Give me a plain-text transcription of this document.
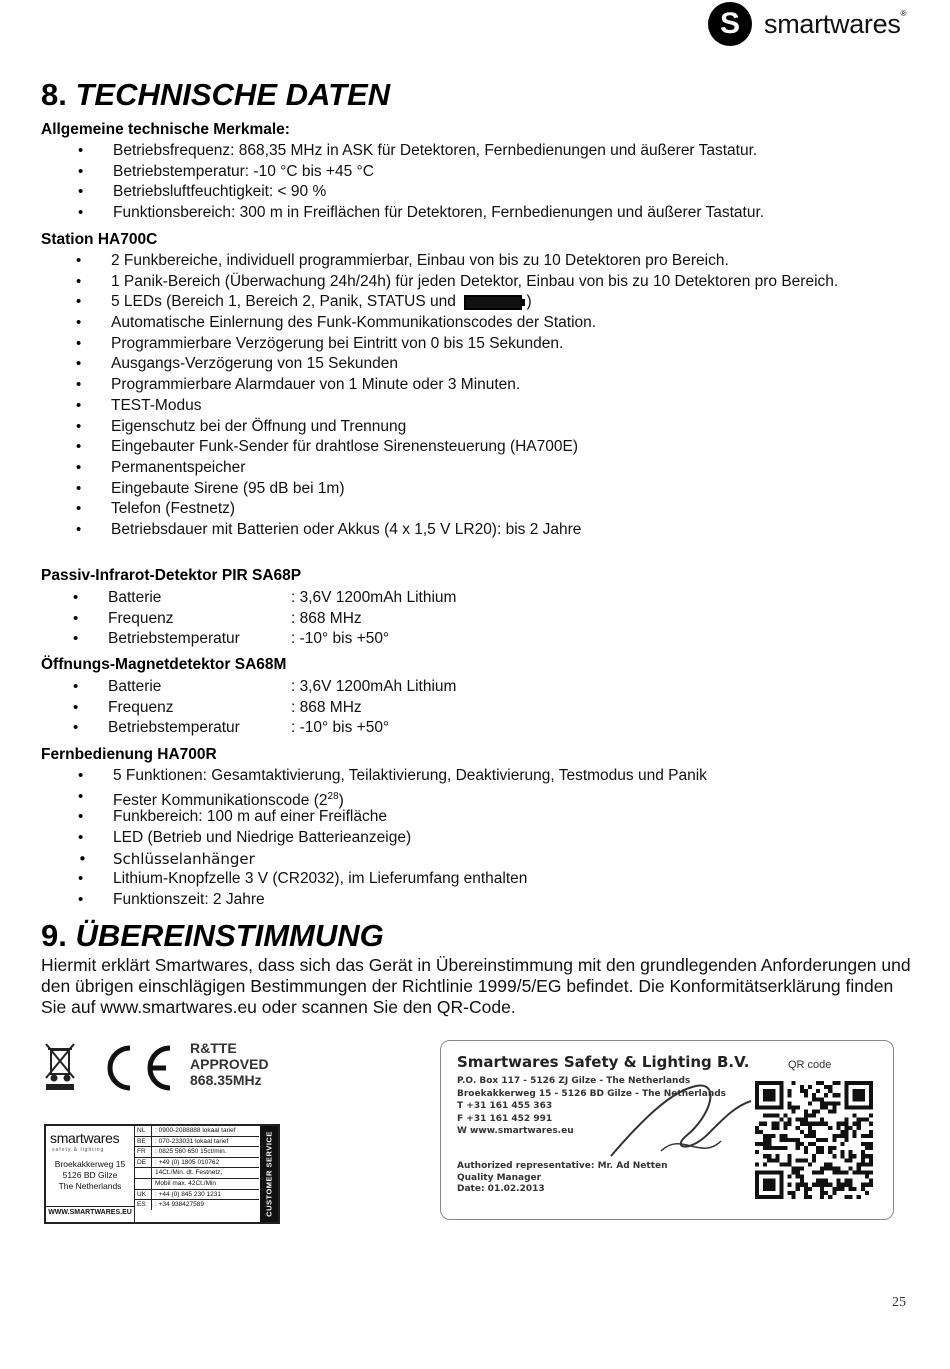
S smartwares®
8. TECHNISCHE DATEN
Allgemeine technische Merkmale:
• Betriebsfrequenz: 868,35 MHz in ASK für Detektoren, Fernbedienungen und äußerer Tastatur.
• Betriebstemperatur: -10 °C bis +45 °C
• Betriebsluftfeuchtigkeit: < 90 %
• Funktionsbereich: 300 m in Freiflächen für Detektoren, Fernbedienungen und äußerer Tastatur.
Station HA700C
• 2 Funkbereiche, individuell programmierbar, Einbau von bis zu 10 Detektoren pro Bereich.
• 1 Panik-Bereich (Überwachung 24h/24h) für jeden Detektor, Einbau von bis zu 10 Detektoren pro Bereich.
• 5 LEDs (Bereich 1, Bereich 2, Panik, STATUS und	)
• Automatische Einlernung des Funk-Kommunikationscodes der Station.
• Programmierbare Verzögerung bei Eintritt von 0 bis 15 Sekunden.
• Ausgangs-Verzögerung von 15 Sekunden
• Programmierbare Alarmdauer von 1 Minute oder 3 Minuten.
• TEST-Modus
• Eigenschutz bei der Öffnung und Trennung
• Eingebauter Funk-Sender für drahtlose Sirenensteuerung (HA700E)
• Permanentspeicher
• Eingebaute Sirene (95 dB bei 1m)
• Telefon (Festnetz)
• Betriebsdauer mit Batterien oder Akkus (4 x 1,5 V LR20): bis 2 Jahre
Passiv-Infrarot-Detektor PIR SA68P
• Batterie	: 3,6V 1200mAh Lithium
• Frequenz	: 868 MHz
• Betriebstemperatur	: -10° bis +50°
Öffnungs-Magnetdetektor SA68M
• Batterie	: 3,6V 1200mAh Lithium
• Frequenz	: 868 MHz
• Betriebstemperatur	: -10° bis +50°
Fernbedienung HA700R
• 5 Funktionen: Gesamtaktivierung, Teilaktivierung, Deaktivierung, Testmodus und Panik
• Fester Kommunikationscode $(2^{28})$
• Funkbereich: 100 m auf einer Freifläche
• LED (Betrieb und Niedrige Batterieanzeige)
• Schlüsselanhänger
• Lithium-Knopfzelle 3 V (CR2032), im Lieferumfang enthalten
• Funktionszeit: 2 Jahre
9. ÜBEREINSTIMMUNG
Hiermit erklärt Smartwares, dass sich das Gerät in Übereinstimmung mit den grundlegenden Anforderungen und den übrigen einschlägigen Bestimmungen der Richtlinie 1999/5/EG befindet. Die Konformitätserklärung finden Sie auf www.smartwares.eu oder scannen Sie den QR-Code.
R&TTE
APPROVED
868.35MHz
smartwares
safety & lighting
Broekakkerweg 15
5126 BD Gilze
The Netherlands
WWW.SMARTWARES.EU
NL	: 0900-2088888 lokaal tarief
BE	: 070-233031 lokaal tarief
FR	: 0825 560 650 15ct/min.
DE	: +49 (0) 1805 010762
14Ct./Min. dt. Festnetz,
Mobil max. 42Ct./Min
UK	: +44 (0) 845 230 1231
ES	: +34 938427589	CUSTOMER SERVICE
Smartwares Safety & Lighting B.V.
P.O. Box 117 - 5126 ZJ Gilze - The Netherlands
Broekakkerweg 15 - 5126 BD Gilze - The Netherlands
T +31 161 455 363
F +31 161 452 991
W www.smartwares.eu
Authorized representative: Mr. Ad Netten
Quality Manager
Date: 01.02.2013
QR code
25
